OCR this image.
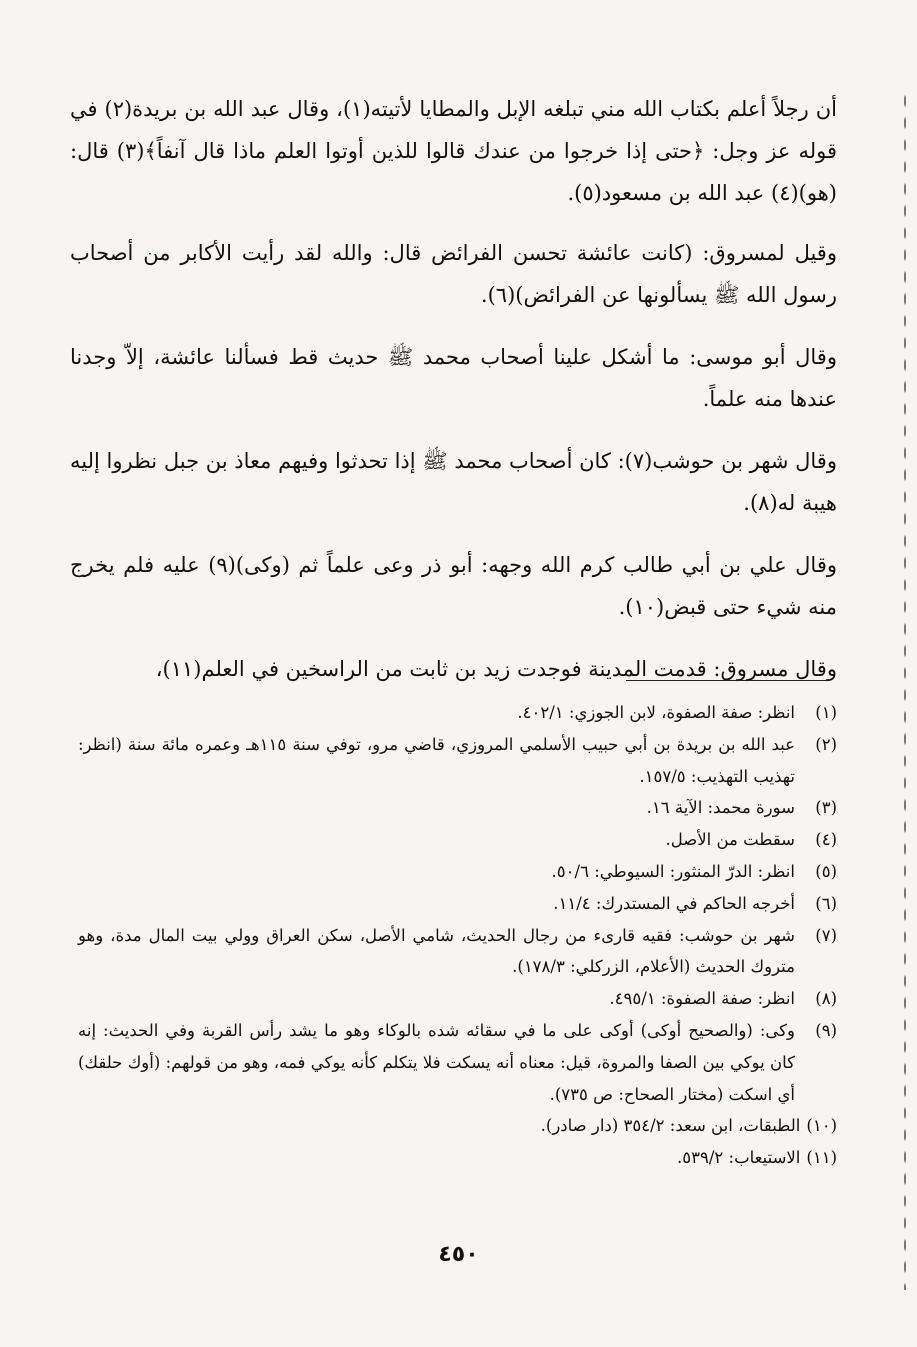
أن رجلاً أعلم بكتاب الله مني تبلغه الإبل والمطايا لأتيته(١)، وقال عبد الله بن بريدة(٢) في قوله عز وجل: ﴿حتى إذا خرجوا من عندك قالوا للذين أوتوا العلم ماذا قال آنفاً﴾(٣) قال: (هو)(٤) عبد الله بن مسعود(٥).

وقيل لمسروق: (كانت عائشة تحسن الفرائض قال: والله لقد رأيت الأكابر من أصحاب رسول الله ﷺ يسألونها عن الفرائض)(٦).

وقال أبو موسى: ما أشكل علينا أصحاب محمد ﷺ حديث قط فسألنا عائشة، إلاّ وجدنا عندها منه علماً.

وقال شهر بن حوشب(٧): كان أصحاب محمد ﷺ إذا تحدثوا وفيهم معاذ بن جبل نظروا إليه هيبة له(٨).

وقال علي بن أبي طالب كرم الله وجهه: أبو ذر وعى علماً ثم (وكى)(٩) عليه فلم يخرج منه شيء حتى قبض(١٠).

وقال مسروق: قدمت المدينة فوجدت زيد بن ثابت من الراسخين في العلم(١١)،

(١)
انظر: صفة الصفوة، لابن الجوزي: ٤٠٢/١.
(٢)
عبد الله بن بريدة بن أبي حبيب الأسلمي المروزي، قاضي مرو، توفي سنة ١١٥هـ وعمره مائة سنة (انظر: تهذيب التهذيب: ١٥٧/٥.
(٣)
سورة محمد: الآية ١٦.
(٤)
سقطت من الأصل.
(٥)
انظر: الدرّ المنثور: السيوطي: ٥٠/٦.
(٦)
أخرجه الحاكم في المستدرك: ١١/٤.
(٧)
شهر بن حوشب: فقيه قارىء من رجال الحديث، شامي الأصل، سكن العراق وولي بيت المال مدة، وهو متروك الحديث (الأعلام، الزركلي: ١٧٨/٣).
(٨)
انظر: صفة الصفوة: ٤٩٥/١.
(٩)
وكى: (والصحيح أوكى) أوكى على ما في سقائه شده بالوكاء وهو ما يشد رأس القربة وفي الحديث: إنه كان يوكي بين الصفا والمروة، قيل: معناه أنه يسكت فلا يتكلم كأنه يوكي فمه، وهو من قولهم: (أوك حلقك) أي اسكت (مختار الصحاح: ص ٧٣٥).
(١٠)
الطبقات، ابن سعد: ٣٥٤/٢ (دار صادر).
(١١)
الاستيعاب: ٥٣٩/٢.
٤٥٠
